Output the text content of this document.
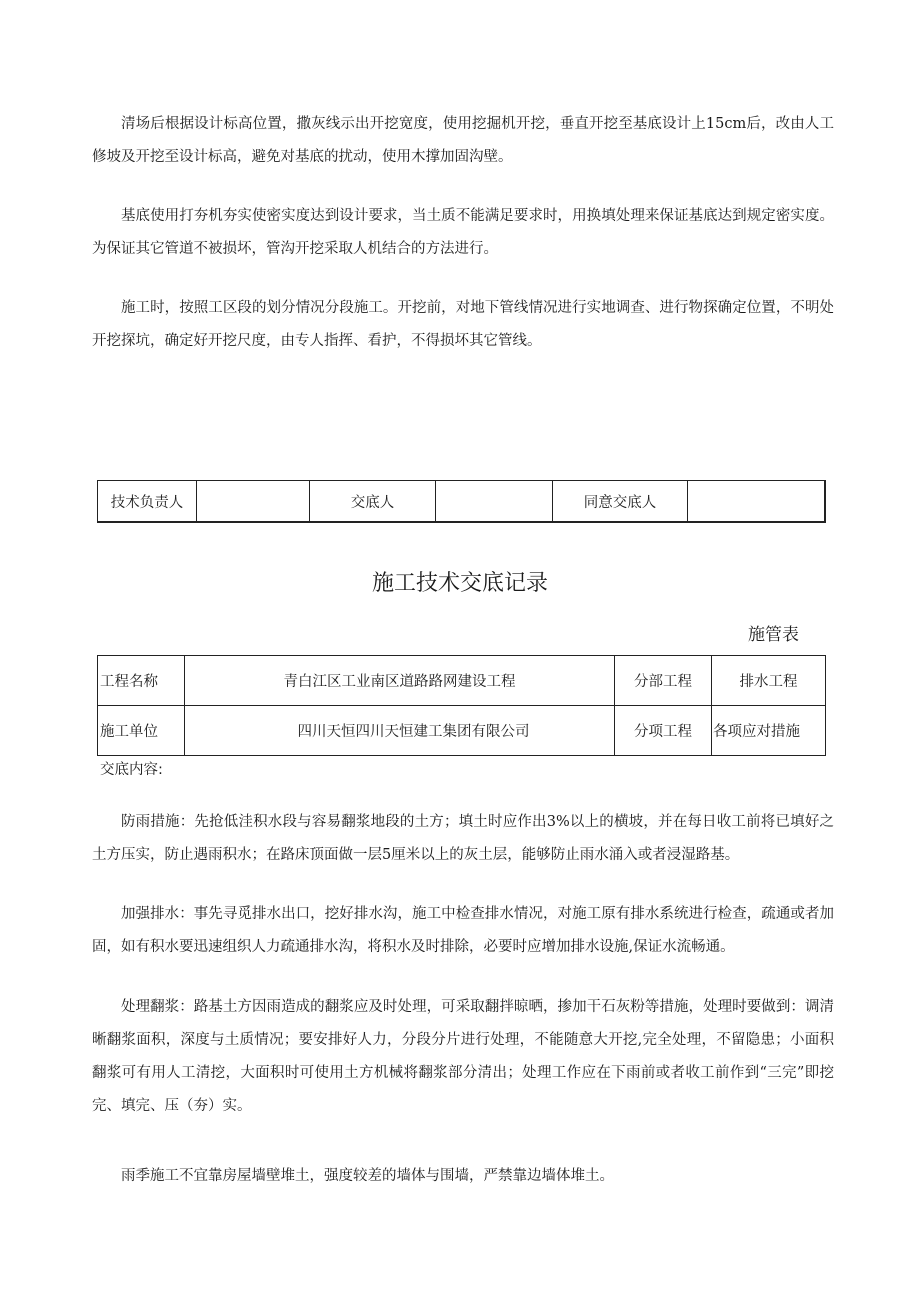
清场后根据设计标高位置，撒灰线示出开挖宽度，使用挖掘机开挖，垂直开挖至基底设计上15cm后，改由人工修坡及开挖至设计标高，避免对基底的扰动，使用木撑加固沟壁。

基底使用打夯机夯实使密实度达到设计要求，当土质不能满足要求时，用换填处理来保证基底达到规定密实度。为保证其它管道不被损坏，管沟开挖采取人机结合的方法进行。

施工时，按照工区段的划分情况分段施工。开挖前，对地下管线情况进行实地调查、进行物探确定位置，不明处开挖探坑，确定好开挖尺度，由专人指挥、看护，不得损坏其它管线。

技术负责人		交底人		同意交底人	
施工技术交底记录
施管表
工程名称	青白江区工业南区道路路网建设工程	分部工程	排水工程
施工单位	四川天恒四川天恒建工集团有限公司	分项工程	各项应对措施
交底内容:

防雨措施：先抢低洼积水段与容易翻浆地段的土方；填土时应作出3%以上的横坡，并在每日收工前将已填好之土方压实，防止遇雨积水；在路床顶面做一层5厘米以上的灰土层，能够防止雨水涌入或者浸湿路基。

加强排水：事先寻觅排水出口，挖好排水沟，施工中检查排水情况，对施工原有排水系统进行检查，疏通或者加固，如有积水要迅速组织人力疏通排水沟，将积水及时排除，必要时应增加排水设施,保证水流畅通。

处理翻浆：路基土方因雨造成的翻浆应及时处理，可采取翻拌晾晒，掺加干石灰粉等措施，处理时要做到：调清晰翻浆面积，深度与土质情况；要安排好人力，分段分片进行处理，不能随意大开挖,完全处理，不留隐患；小面积翻浆可有用人工清挖，大面积时可使用土方机械将翻浆部分清出；处理工作应在下雨前或者收工前作到“三完”即挖完、填完、压（夯）实。

雨季施工不宜靠房屋墙壁堆土，强度较差的墙体与围墙，严禁靠边墙体堆土。
